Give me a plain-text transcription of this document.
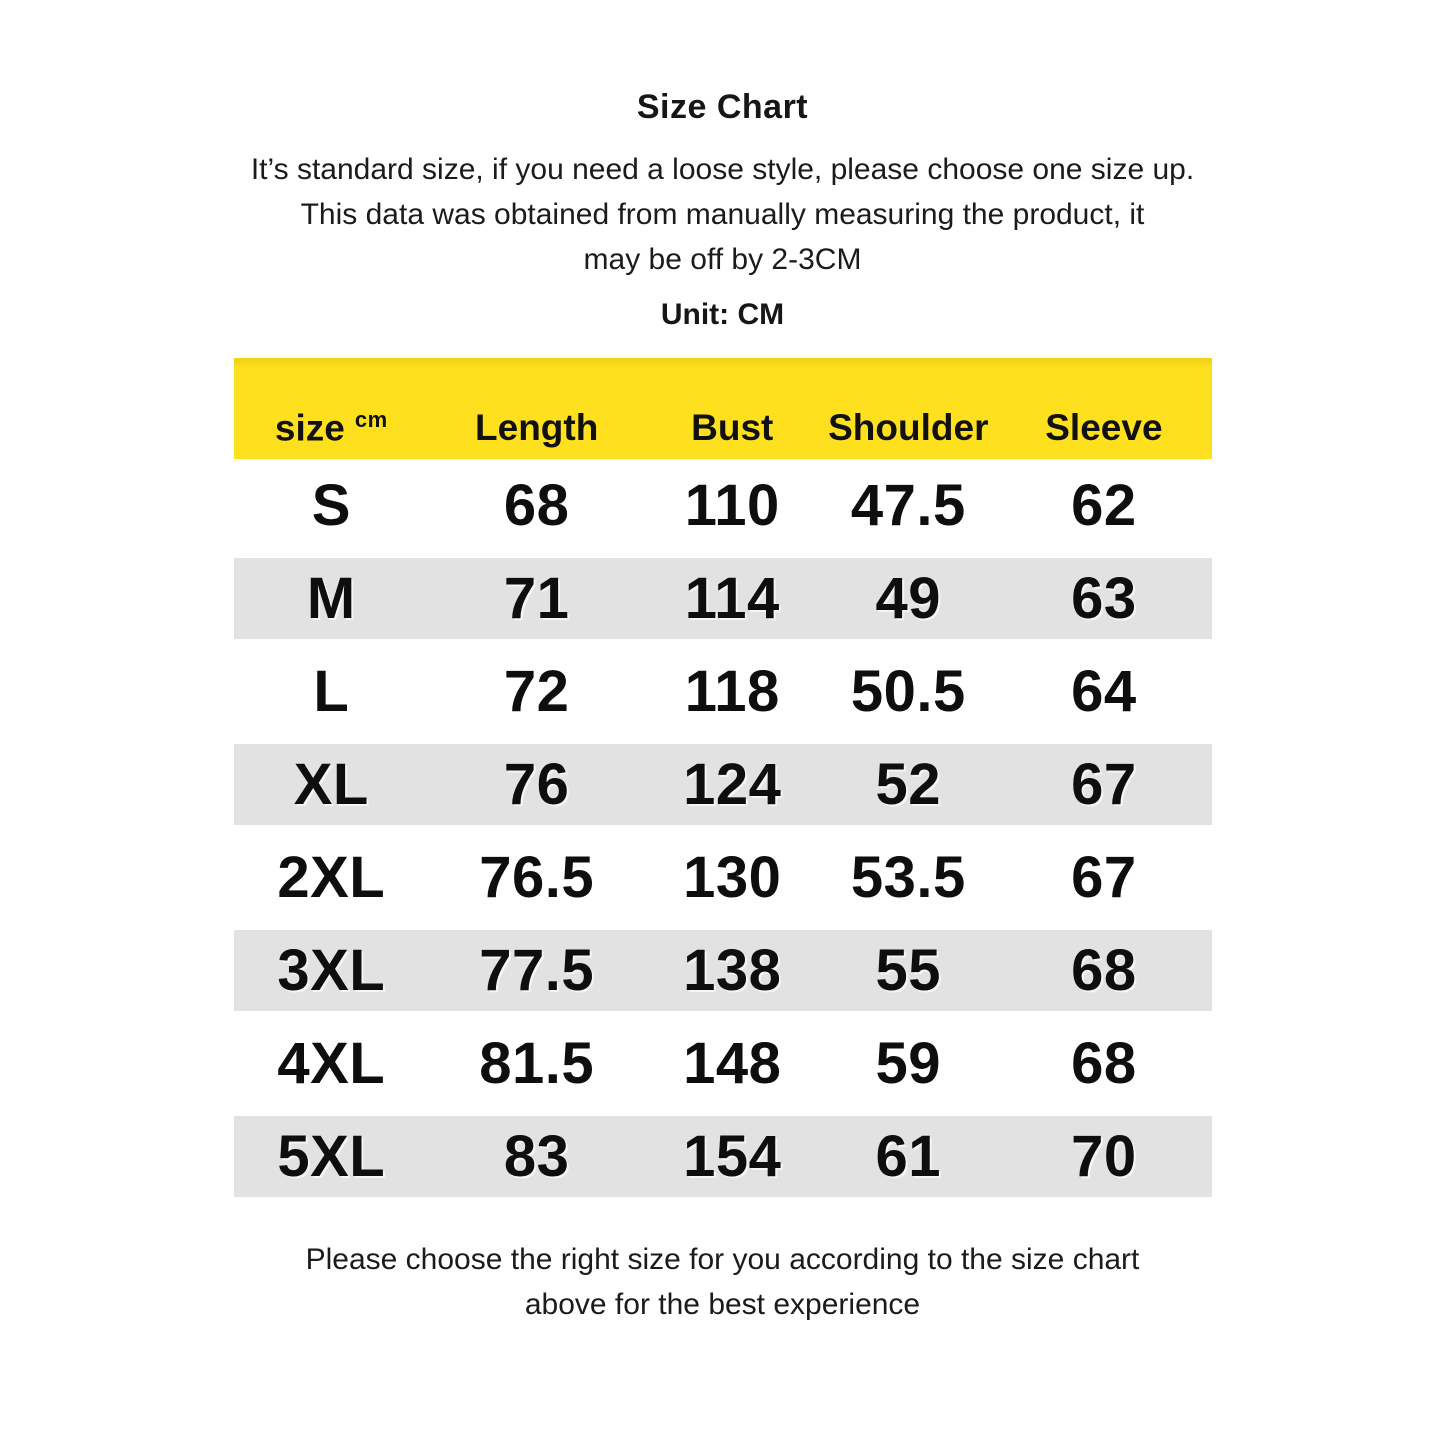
Size Chart
It’s standard size, if you need a loose style, please choose one size up.
This data was obtained from manually measuring the product, it
may be off by 2-3CM
Unit: CM
size $^{cm}$	Length	Bust	Shoulder	Sleeve
S	68	110	47.5	62
M	71	114	49	63
L	72	118	50.5	64
XL	76	124	52	67
2XL	76.5	130	53.5	67
3XL	77.5	138	55	68
4XL	81.5	148	59	68
5XL	83	154	61	70
Please choose the right size for you according to the size chart
above for the best experience
